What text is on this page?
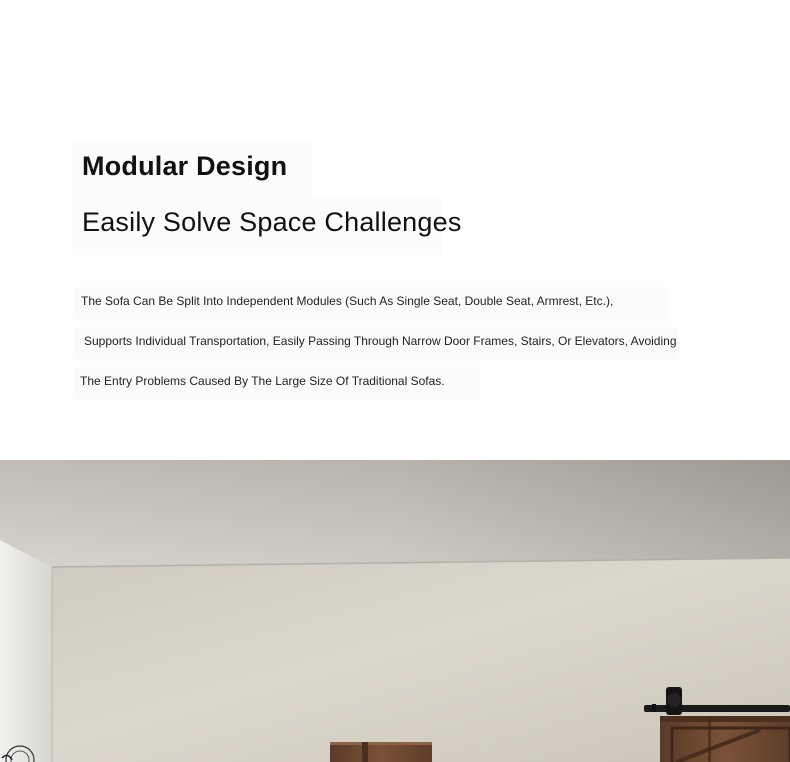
Modular Design
Easily Solve Space Challenges

The Sofa Can Be Split Into Independent Modules (Such As Single Seat, Double Seat, Armrest, Etc.),

Supports Individual Transportation, Easily Passing Through Narrow Door Frames, Stairs, Or Elevators, Avoiding

The Entry Problems Caused By The Large Size Of Traditional Sofas.
